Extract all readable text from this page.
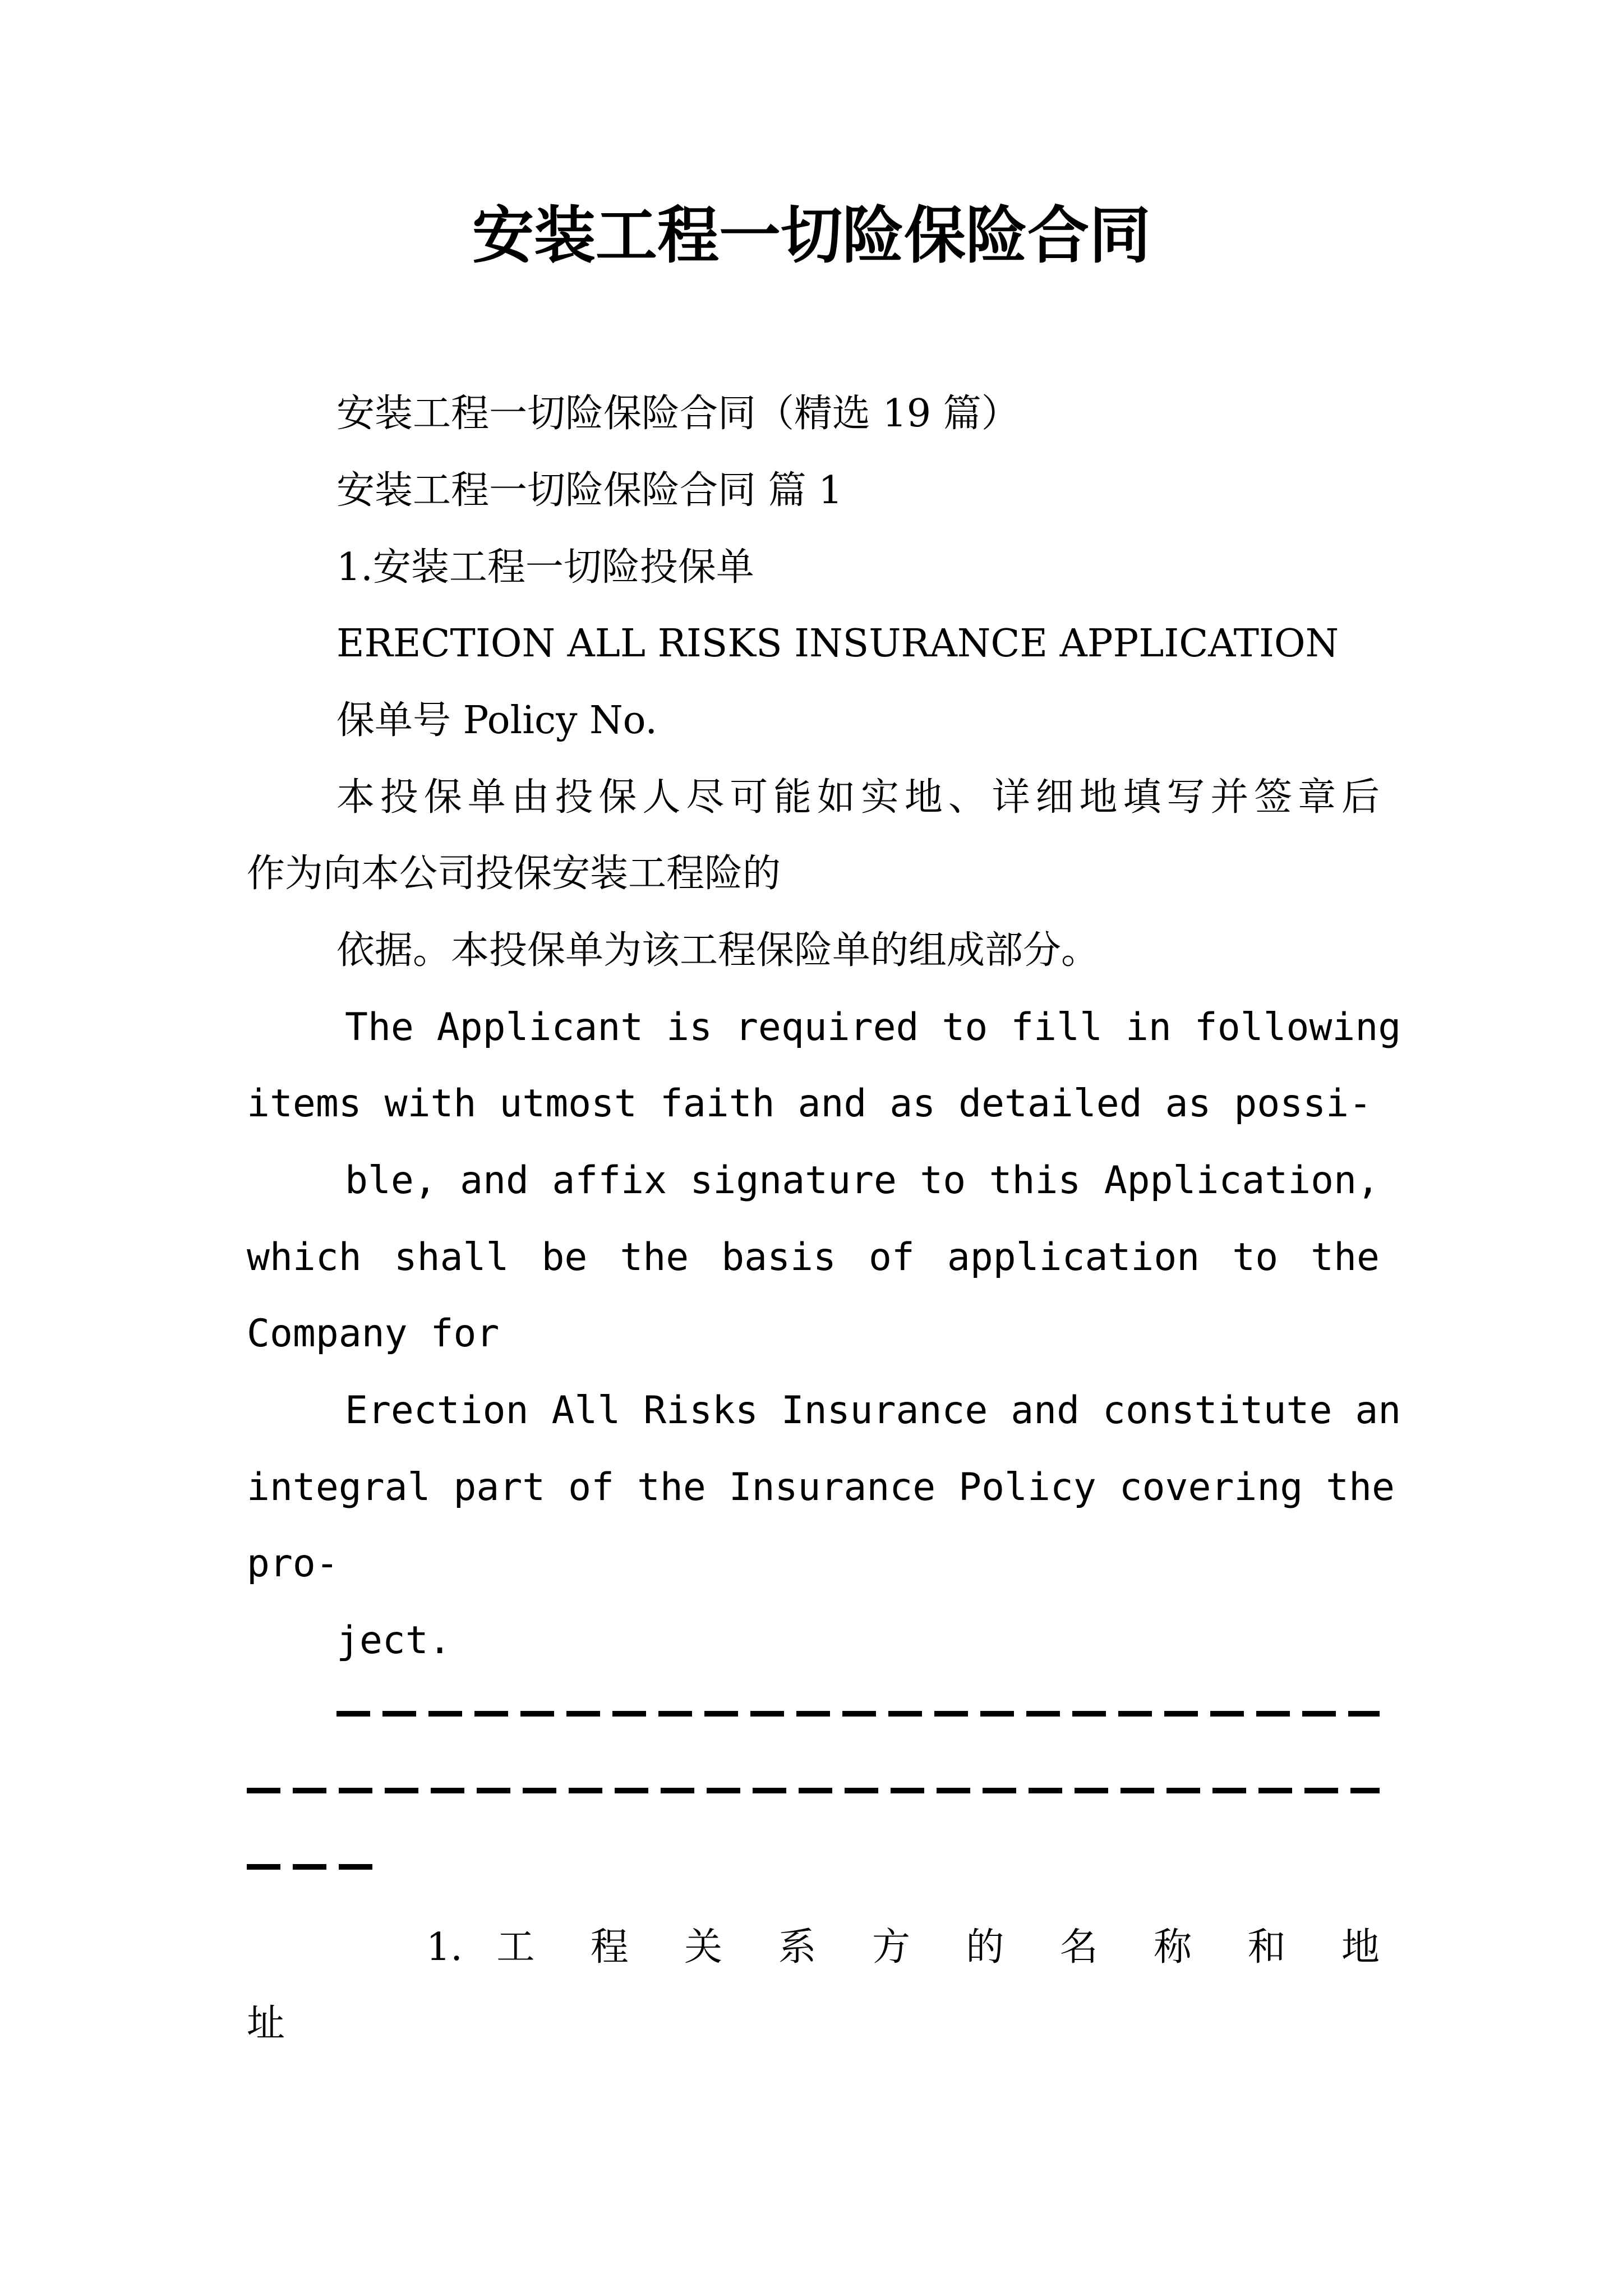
安装工程一切险保险合同
安装工程一切险保险合同（精选 19 篇）
安装工程一切险保险合同 篇 1
1.安装工程一切险投保单
ERECTION ALL RISKS INSURANCE APPLICATION
保单号 Policy No.
本投保单由投保人尽可能如实地、详细地填写并签章后
作为向本公司投保安装工程险的
依据。本投保单为该工程保险单的组成部分。
The Applicant is required to fill in following
items with utmost faith and as detailed as possi-
ble, and affix signature to this Application,
which shall be the basis of application to the
Company for
Erection All Risks Insurance and constitute an
integral part of the Insurance Policy covering the
pro-
ject.
1. 工 程 关 系 方 的 名 称 和 地
址
